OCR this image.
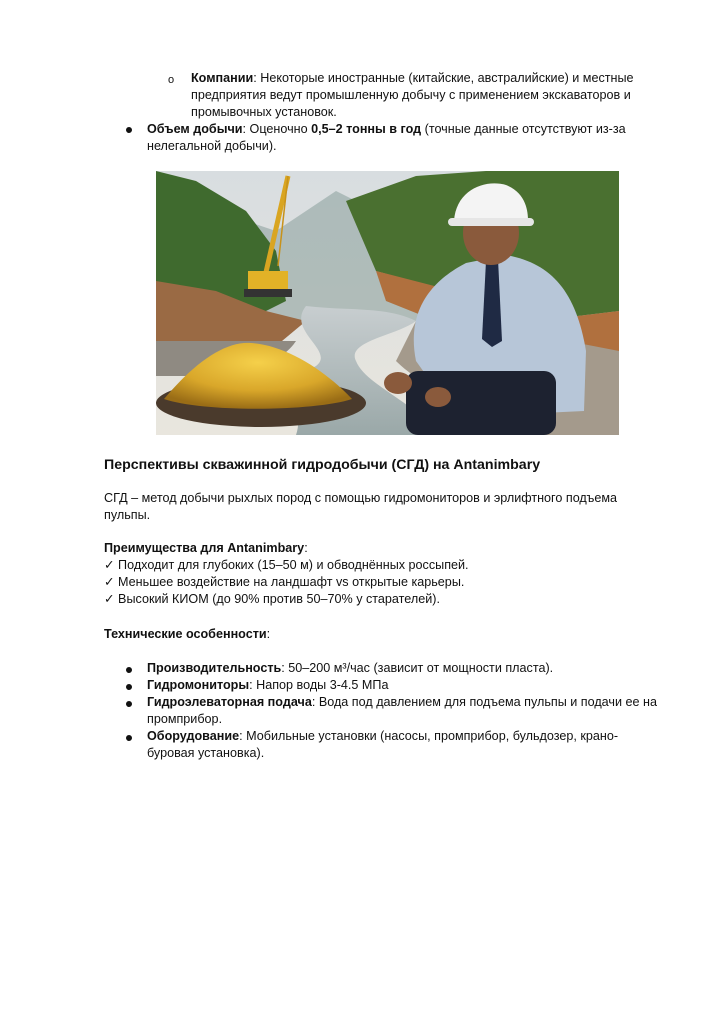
o Компании: Некоторые иностранные (китайские, австралийские) и местные предприятия ведут промышленную добычу с применением экскаваторов и промывочных установок.
Объем добычи: Оценочно 0,5–2 тонны в год (точные данные отсутствуют из-за нелегальной добычи).
Перспективы скважинной гидродобычи (СГД) на Antanimbary
СГД – метод добычи рыхлых пород с помощью гидромониторов и эрлифтного подъема пульпы.
Преимущества для Antanimbary:
✓ Подходит для глубоких (15–50 м) и обводнённых россыпей.
✓ Меньшее воздействие на ландшафт vs открытые карьеры.
✓ Высокий КИОМ (до 90% против 50–70% у старателей).
Технические особенности:
Производительность: 50–200 м³/час (зависит от мощности пласта).
Гидромониторы: Напор воды 3-4.5 МПа
Гидроэлеваторная подача: Вода под давлением для подъема пульпы и подачи ее на промприбор.
Оборудование: Мобильные установки (насосы, промприбор, бульдозер, крано-буровая установка).
